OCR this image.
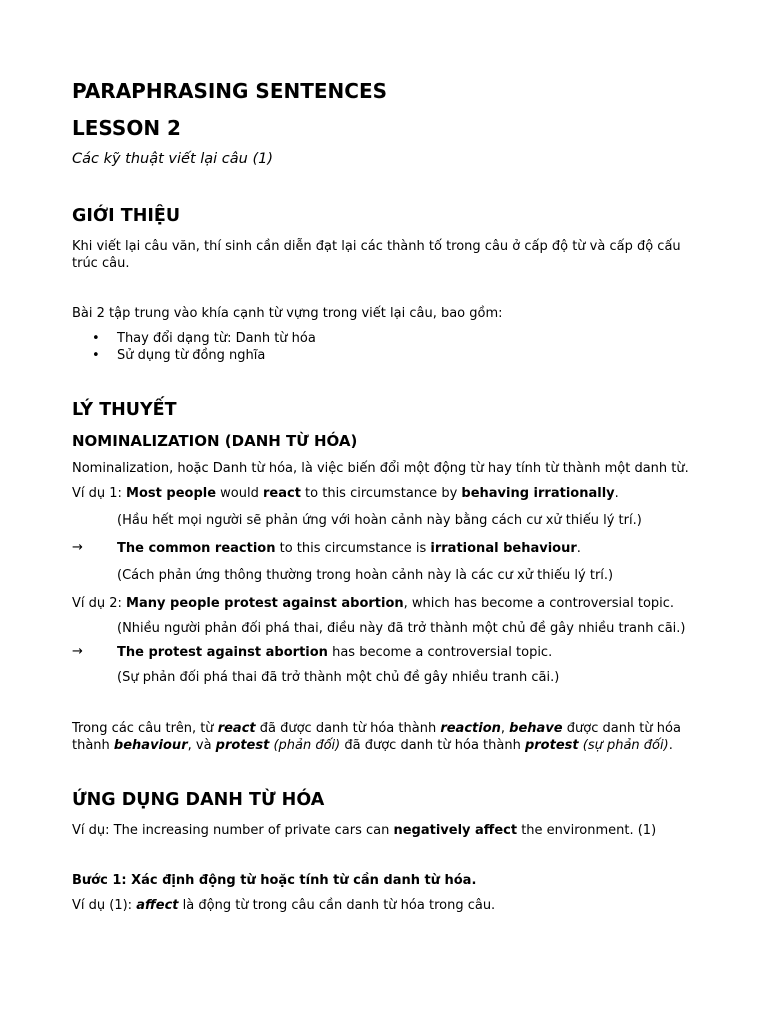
PARAPHRASING SENTENCES
LESSON 2
Các kỹ thuật viết lại câu (1)
GIỚI THIỆU
Khi viết lại câu văn, thí sinh cần diễn đạt lại các thành tố trong câu ở cấp độ từ và cấp độ cấu trúc câu.
Bài 2 tập trung vào khía cạnh từ vựng trong viết lại câu, bao gồm:
• Thay đổi dạng từ: Danh từ hóa
• Sử dụng từ đồng nghĩa
LÝ THUYẾT
NOMINALIZATION (DANH TỪ HÓA)
Nominalization, hoặc Danh từ hóa, là việc biến đổi một động từ hay tính từ thành một danh từ.
Ví dụ 1: Most people would react to this circumstance by behaving irrationally.
(Hầu hết mọi người sẽ phản ứng với hoàn cảnh này bằng cách cư xử thiếu lý trí.)
→	The common reaction to this circumstance is irrational behaviour.
(Cách phản ứng thông thường trong hoàn cảnh này là các cư xử thiếu lý trí.)
Ví dụ 2: Many people protest against abortion, which has become a controversial topic.
(Nhiều người phản đối phá thai, điều này đã trở thành một chủ đề gây nhiều tranh cãi.)
→	The protest against abortion has become a controversial topic.
(Sự phản đối phá thai đã trở thành một chủ đề gây nhiều tranh cãi.)
Trong các câu trên, từ react đã được danh từ hóa thành reaction, behave được danh từ hóa thành behaviour, và protest (phản đối) đã được danh từ hóa thành protest (sự phản đối).
ỨNG DỤNG DANH TỪ HÓA
Ví dụ: The increasing number of private cars can negatively affect the environment. (1)
Bước 1: Xác định động từ hoặc tính từ cần danh từ hóa.
Ví dụ (1): affect là động từ trong câu cần danh từ hóa trong câu.
